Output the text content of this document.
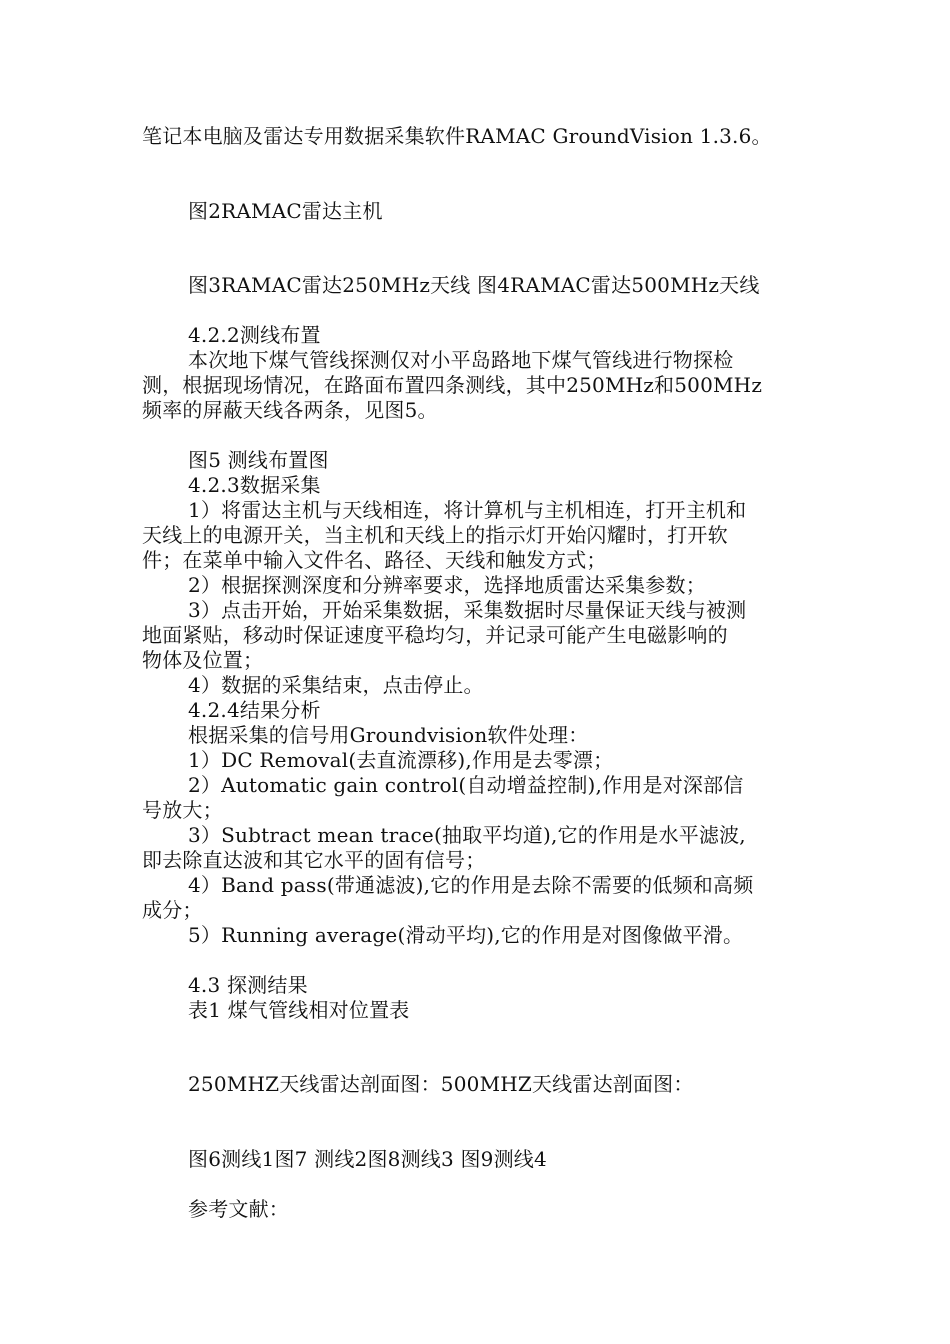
笔记本电脑及雷达专用数据采集软件RAMAC GroundVision 1.3.6。
图2RAMAC雷达主机
图3RAMAC雷达250MHz天线 图4RAMAC雷达500MHz天线
4.2.2测线布置
本次地下煤气管线探测仅对小平岛路地下煤气管线进行物探检
测，根据现场情况，在路面布置四条测线，其中250MHz和500MHz
频率的屏蔽天线各两条，见图5。
图5 测线布置图
4.2.3数据采集
1）将雷达主机与天线相连，将计算机与主机相连，打开主机和
天线上的电源开关，当主机和天线上的指示灯开始闪耀时，打开软
件；在菜单中输入文件名、路径、天线和触发方式；
2）根据探测深度和分辨率要求，选择地质雷达采集参数；
3）点击开始，开始采集数据，采集数据时尽量保证天线与被测
地面紧贴，移动时保证速度平稳均匀，并记录可能产生电磁影响的
物体及位置；
4）数据的采集结束，点击停止。
4.2.4结果分析
根据采集的信号用Groundvision软件处理：
1）DC Removal(去直流漂移),作用是去零漂；
2）Automatic gain control(自动增益控制),作用是对深部信
号放大；
3）Subtract mean trace(抽取平均道),它的作用是水平滤波,
即去除直达波和其它水平的固有信号；
4）Band pass(带通滤波),它的作用是去除不需要的低频和高频
成分；
5）Running average(滑动平均),它的作用是对图像做平滑。
4.3 探测结果
表1 煤气管线相对位置表
250MHZ天线雷达剖面图：500MHZ天线雷达剖面图：
图6测线1图7 测线2图8测线3 图9测线4
参考文献：
